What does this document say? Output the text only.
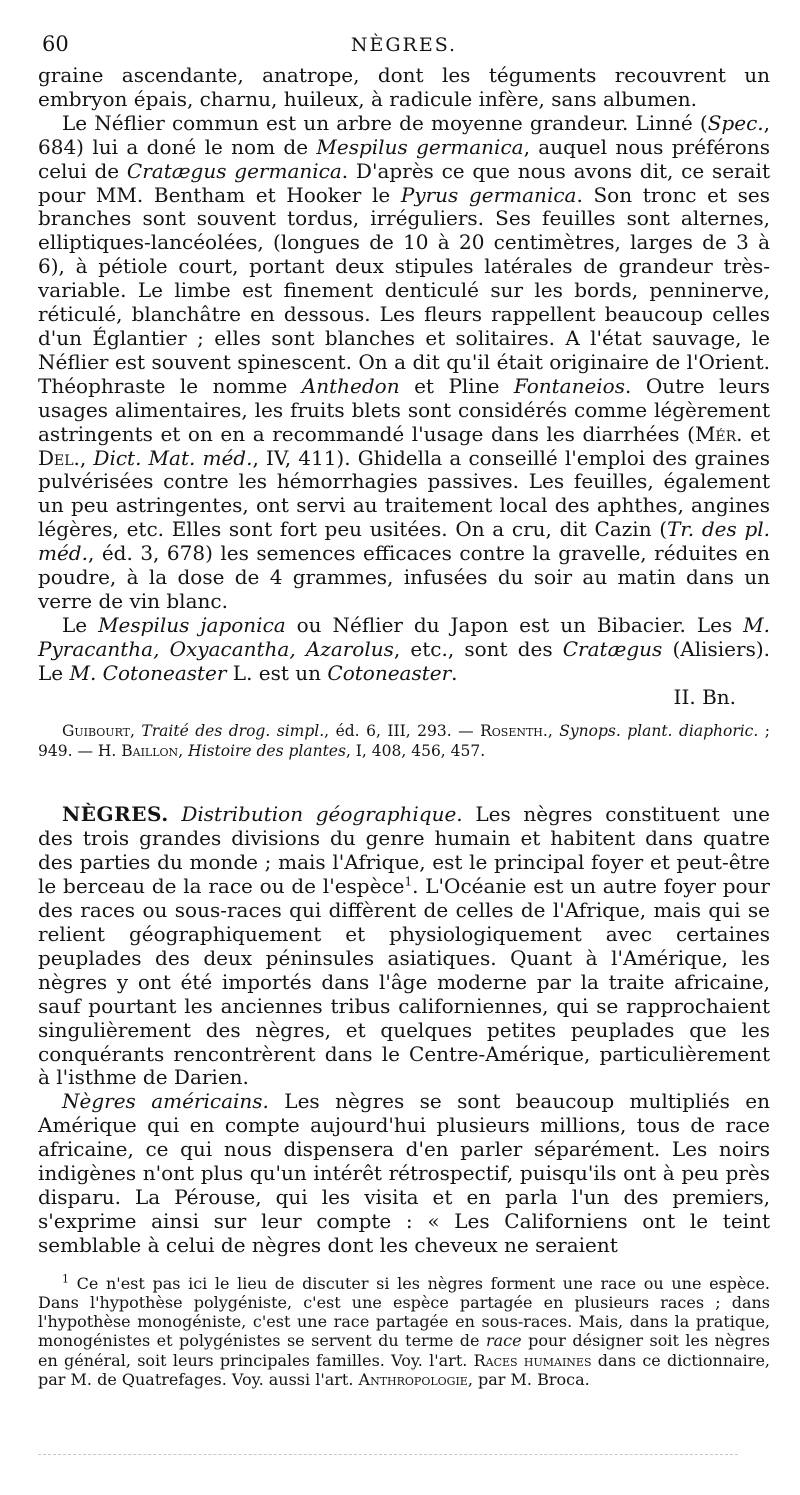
60	NÈGRES.

graine ascendante, anatrope, dont les téguments recouvrent un embryon épais, charnu, huileux, à radicule infère, sans albumen.

Le Néflier commun est un arbre de moyenne grandeur. Linné (Spec., 684) lui a doné le nom de Mespilus germanica, auquel nous préférons celui de Cratægus germanica. D'après ce que nous avons dit, ce serait pour MM. Bentham et Hooker le Pyrus germanica. Son tronc et ses branches sont souvent tordus, irréguliers. Ses feuilles sont alternes, elliptiques-lancéolées, (longues de 10 à 20 centimètres, larges de 3 à 6), à pétiole court, portant deux stipules latérales de grandeur très-variable. Le limbe est finement denticulé sur les bords, penninerve, réticulé, blanchâtre en dessous. Les fleurs rappellent beaucoup celles d'un Églantier ; elles sont blanches et solitaires. A l'état sauvage, le Néflier est souvent spinescent. On a dit qu'il était originaire de l'Orient. Théophraste le nomme Anthedon et Pline Fontaneios. Outre leurs usages alimentaires, les fruits blets sont considérés comme légèrement astringents et on en a recommandé l'usage dans les diarrhées (Mér. et Del., Dict. Mat. méd., IV, 411). Ghidella a conseillé l'emploi des graines pulvérisées contre les hémorrhagies passives. Les feuilles, également un peu astringentes, ont servi au traitement local des aphthes, angines légères, etc. Elles sont fort peu usitées. On a cru, dit Cazin (Tr. des pl. méd., éd. 3, 678) les semences efficaces contre la gravelle, réduites en poudre, à la dose de 4 grammes, infusées du soir au matin dans un verre de vin blanc.

Le Mespilus japonica ou Néflier du Japon est un Bibacier. Les M. Pyracantha, Oxyacantha, Azarolus, etc., sont des Cratægus (Alisiers). Le M. Cotoneaster L. est un Cotoneaster.

II. Bn.

Guibourt, Traité des drog. simpl., éd. 6, III, 293. — Rosenth., Synops. plant. diaphoric. ; 949. — H. Baillon, Histoire des plantes, I, 408, 456, 457.

NÈGRES. Distribution géographique. Les nègres constituent une des trois grandes divisions du genre humain et habitent dans quatre des parties du monde ; mais l'Afrique, est le principal foyer et peut-être le berceau de la race ou de l'espèce$^1$. L'Océanie est un autre foyer pour des races ou sous-races qui diffèrent de celles de l'Afrique, mais qui se relient géographiquement et physiologiquement avec certaines peuplades des deux péninsules asiatiques. Quant à l'Amérique, les nègres y ont été importés dans l'âge moderne par la traite africaine, sauf pourtant les anciennes tribus californiennes, qui se rapprochaient singulièrement des nègres, et quelques petites peuplades que les conquérants rencontrèrent dans le Centre-Amérique, particulièrement à l'isthme de Darien.

Nègres américains. Les nègres se sont beaucoup multipliés en Amérique qui en compte aujourd'hui plusieurs millions, tous de race africaine, ce qui nous dispensera d'en parler séparément. Les noirs indigènes n'ont plus qu'un intérêt rétrospectif, puisqu'ils ont à peu près disparu. La Pérouse, qui les visita et en parla l'un des premiers, s'exprime ainsi sur leur compte : « Les Californiens ont le teint semblable à celui de nègres dont les cheveux ne seraient

$^1$ Ce n'est pas ici le lieu de discuter si les nègres forment une race ou une espèce. Dans l'hypothèse polygéniste, c'est une espèce partagée en plusieurs races ; dans l'hypothèse monogéniste, c'est une race partagée en sous-races. Mais, dans la pratique, monogénistes et polygénistes se servent du terme de race pour désigner soit les nègres en général, soit leurs principales familles. Voy. l'art. Races humaines dans ce dictionnaire, par M. de Quatrefages. Voy. aussi l'art. Anthropologie, par M. Broca.
